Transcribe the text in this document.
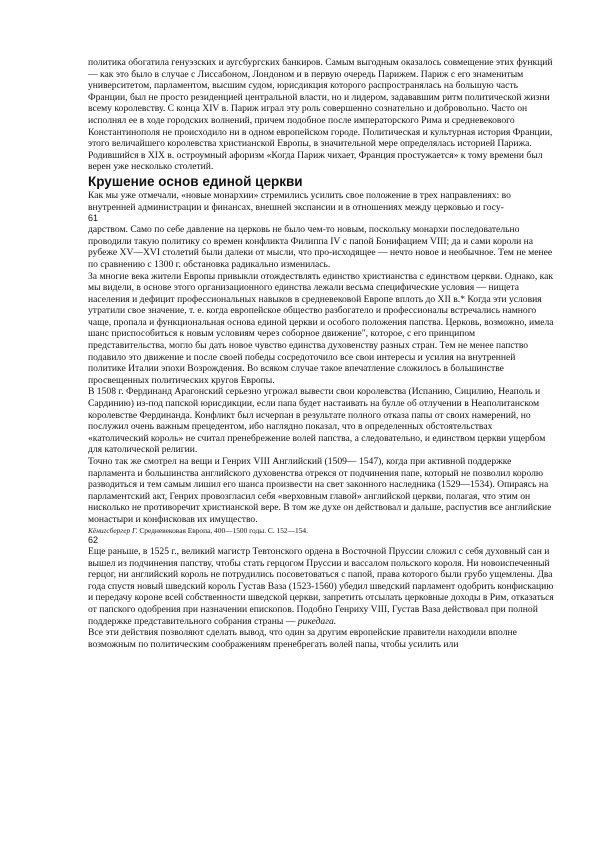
политика обогатила генуэзских и аугсбургских банкиров. Самым выгодным оказалось совмещение этих функций — как это было в случае с Лиссабоном, Лондоном и в первую очередь Парижем. Париж с его знаменитым университетом, парламентом, высшим судом, юрисдикция которого распространялась на большую часть Франции, был не просто резиденцией центральной власти, но и лидером, задававшим ритм политической жизни всему королевству. С конца XIV в. Париж играл эту роль совершенно сознательно и добровольно. Часто он исполнял ее в ходе городских волнений, причем подобное после императорского Рима и средневекового Константинополя не происходило ни в одном европейском городе. Политическая и культурная история Франции, этого величайшего королевства христианской Европы, в значительной мере определялась историей Парижа. Родившийся в XIX в. остроумный афоризм «Когда Париж чихает, Франция простужается» к тому времени был верен уже несколько столетий.

Крушение основ единой церкви

Как мы уже отмечали, «новые монархии» стремились усилить свое положение в трех направлениях: во внутренней администрации и финансах, внешней экспансии и в отношениях между церковью и госу-

61

дарством. Само по себе давление на церковь не было чем-то новым, поскольку монархи последовательно проводили такую политику со времен конфликта Филиппа IV с папой Бонифацием VIII; да и сами короли на рубеже XV—XVI столетий были далеки от мысли, что про-исходящее — нечто новое и необычное. Тем не менее по сравнению с 1300 г. обстановка радикально изменилась.

За многие века жители Европы привыкли отождествлять единство христианства с единством церкви. Однако, как мы видели, в основе этого организационного единства лежали весьма специфические условия — нищета населения и дефицит профессиональных навыков в средневековой Европе вплоть до XII в.* Когда эти условия утратили свое значение, т. е. когда европейское общество разбогатело и профессионалы встречались намного чаще, пропала и функциональная основа единой церкви и особого положения папства. Церковь, возможно, имела шанс приспособиться к новым условиям через соборное движение", которое, с его принципом представительства, могло бы дать новое чувство единства духовенству разных стран. Тем не менее папство подавило это движение и после своей победы сосредоточило все свои интересы и усилия на внутренней политике Италии эпохи Возрождения. Во всяком случае такое впечатление сложилось в большинстве просвещенных политических кругов Европы.

В 1508 г. Фердинанд Арагонский серьезно угрожал вывести свои королевства (Испанию, Сицилию, Неаполь и Сардинию) из-под папской юрисдикции, если папа будет настаивать на булле об отлучении в Неаполитанском королевстве Фердинанда. Конфликт был исчерпан в результате полного отказа папы от своих намерений, но послужил очень важным прецедентом, ибо наглядно показал, что в определенных обстоятельствах «католический король» не считал пренебрежение волей папства, а следовательно, и единством церкви ущербом для католической религии.

Точно так же смотрел на вещи и Генрих VIII Английский (1509— 1547), когда при активной поддержке парламента и большинства английского духовенства отрекся от подчинения папе, который не позволил королю разводиться и тем самым лишил его шанса произвести на свет законного наследника (1529—1534). Опираясь на парламентский акт, Генрих провозгласил себя «верховным главой» английской церкви, полагая, что этим он нисколько не противоречит христианской вере. В том же духе он действовал и дальше, распустив все английские монастыри и конфисковав их имущество.

Кёнигсбергер Г. Средневековая Европа, 400—1500 годы. С. 152—154.

62

Еще раньше, в 1525 г., великий магистр Тевтонского ордена в Восточной Пруссии сложил с себя духовный сан и вышел из подчинения папству, чтобы стать герцогом Пруссии и вассалом польского короля. Ни новоиспеченный герцог, ни английский король не потрудились посоветоваться с папой, права которого были грубо ущемлены. Два года спустя новый шведский король Густав Ваза (1523-1560) убедил шведский парламент одобрить конфискацию и передачу короне всей собственности шведской церкви, запретить отсылать церковные доходы в Рим, отказаться от папского одобрения при назначении епископов. Подобно Генриху VIII, Густав Ваза действовал при полной поддержке представительного собрания страны — рикедага.

Все эти действия позволяют сделать вывод, что один за другим европейские правители находили вполне возможным по политическим соображениям пренебрегать волей папы, чтобы усилить или
